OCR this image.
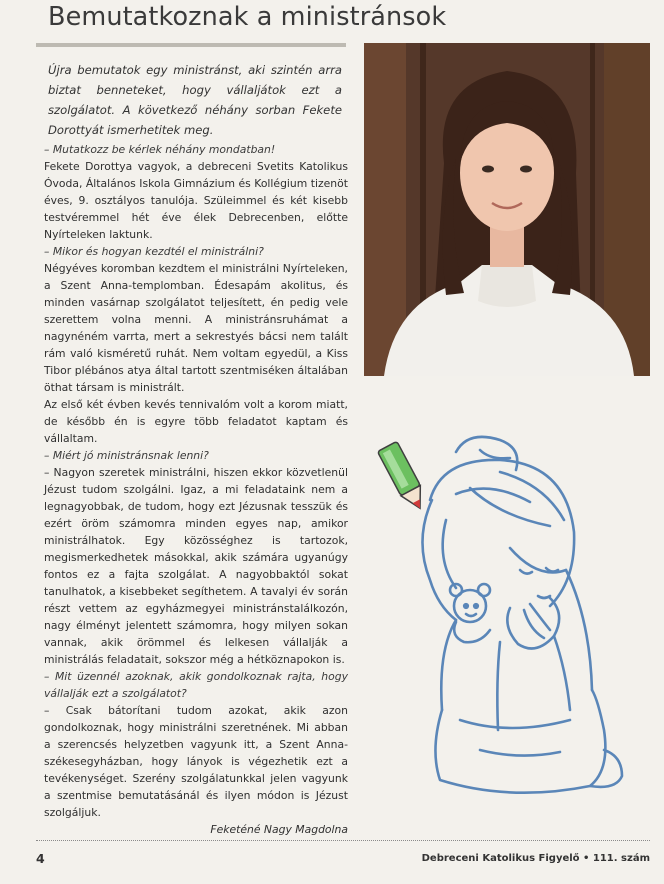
Bemutatkoznak a ministránsok
Újra bemutatok egy ministránst, aki szintén arra biztat benneteket, hogy vállaljátok ezt a szolgálatot. A következő néhány sorban Fekete Dorottyát ismerhetitek meg.

– Mutatkozz be kérlek néhány mondatban!

Fekete Dorottya vagyok, a debreceni Svetits Katolikus Óvoda, Általános Iskola Gimnázium és Kollégium tizenöt éves, 9. osztályos tanulója. Szüleimmel és két kisebb testvéremmel hét éve élek Debrecenben, előtte Nyírteleken laktunk.

– Mikor és hogyan kezdtél el ministrálni?

Négyéves koromban kezdtem el ministrálni Nyírteleken, a Szent Anna-templomban. Édesapám akolitus, és minden vasárnap szolgálatot teljesített, én pedig vele szerettem volna menni. A ministránsruhámat a nagynéném varrta, mert a sekrestyés bácsi nem talált rám való kisméretű ruhát. Nem voltam egyedül, a Kiss Tibor plébános atya által tartott szentmiséken általában öthat társam is ministrált.

Az első két évben kevés tennivalóm volt a korom miatt, de később én is egyre több feladatot kaptam és vállaltam.

– Miért jó ministránsnak lenni?

– Nagyon szeretek ministrálni, hiszen ekkor közvetlenül Jézust tudom szolgálni. Igaz, a mi feladataink nem a legnagyobbak, de tudom, hogy ezt Jézusnak tesszük és ezért öröm számomra minden egyes nap, amikor ministrálhatok. Egy közösséghez is tartozok, megismerkedhetek másokkal, akik számára ugyanúgy fontos ez a fajta szolgálat. A nagyobbaktól sokat tanulhatok, a kisebbeket segíthetem. A tavalyi év során részt vettem az egyházmegyei ministránstalálkozón, nagy élményt jelentett számomra, hogy milyen sokan vannak, akik örömmel és lelkesen vállalják a ministrálás feladatait, sokszor még a hétköznapokon is.

– Mit üzennél azoknak, akik gondolkoznak rajta, hogy vállalják ezt a szolgálatot?

– Csak bátorítani tudom azokat, akik azon gondolkoznak, hogy ministrálni szeretnének. Mi abban a szerencsés helyzetben vagyunk itt, a Szent Anna-székesegyházban, hogy lányok is végezhetik ezt a tevékenységet. Szerény szolgálatunkkal jelen vagyunk a szentmise bemutatásánál és ilyen módon is Jézust szolgáljuk.

Feketéné Nagy Magdolna

4	Debreceni Katolikus Figyelő • 111. szám
